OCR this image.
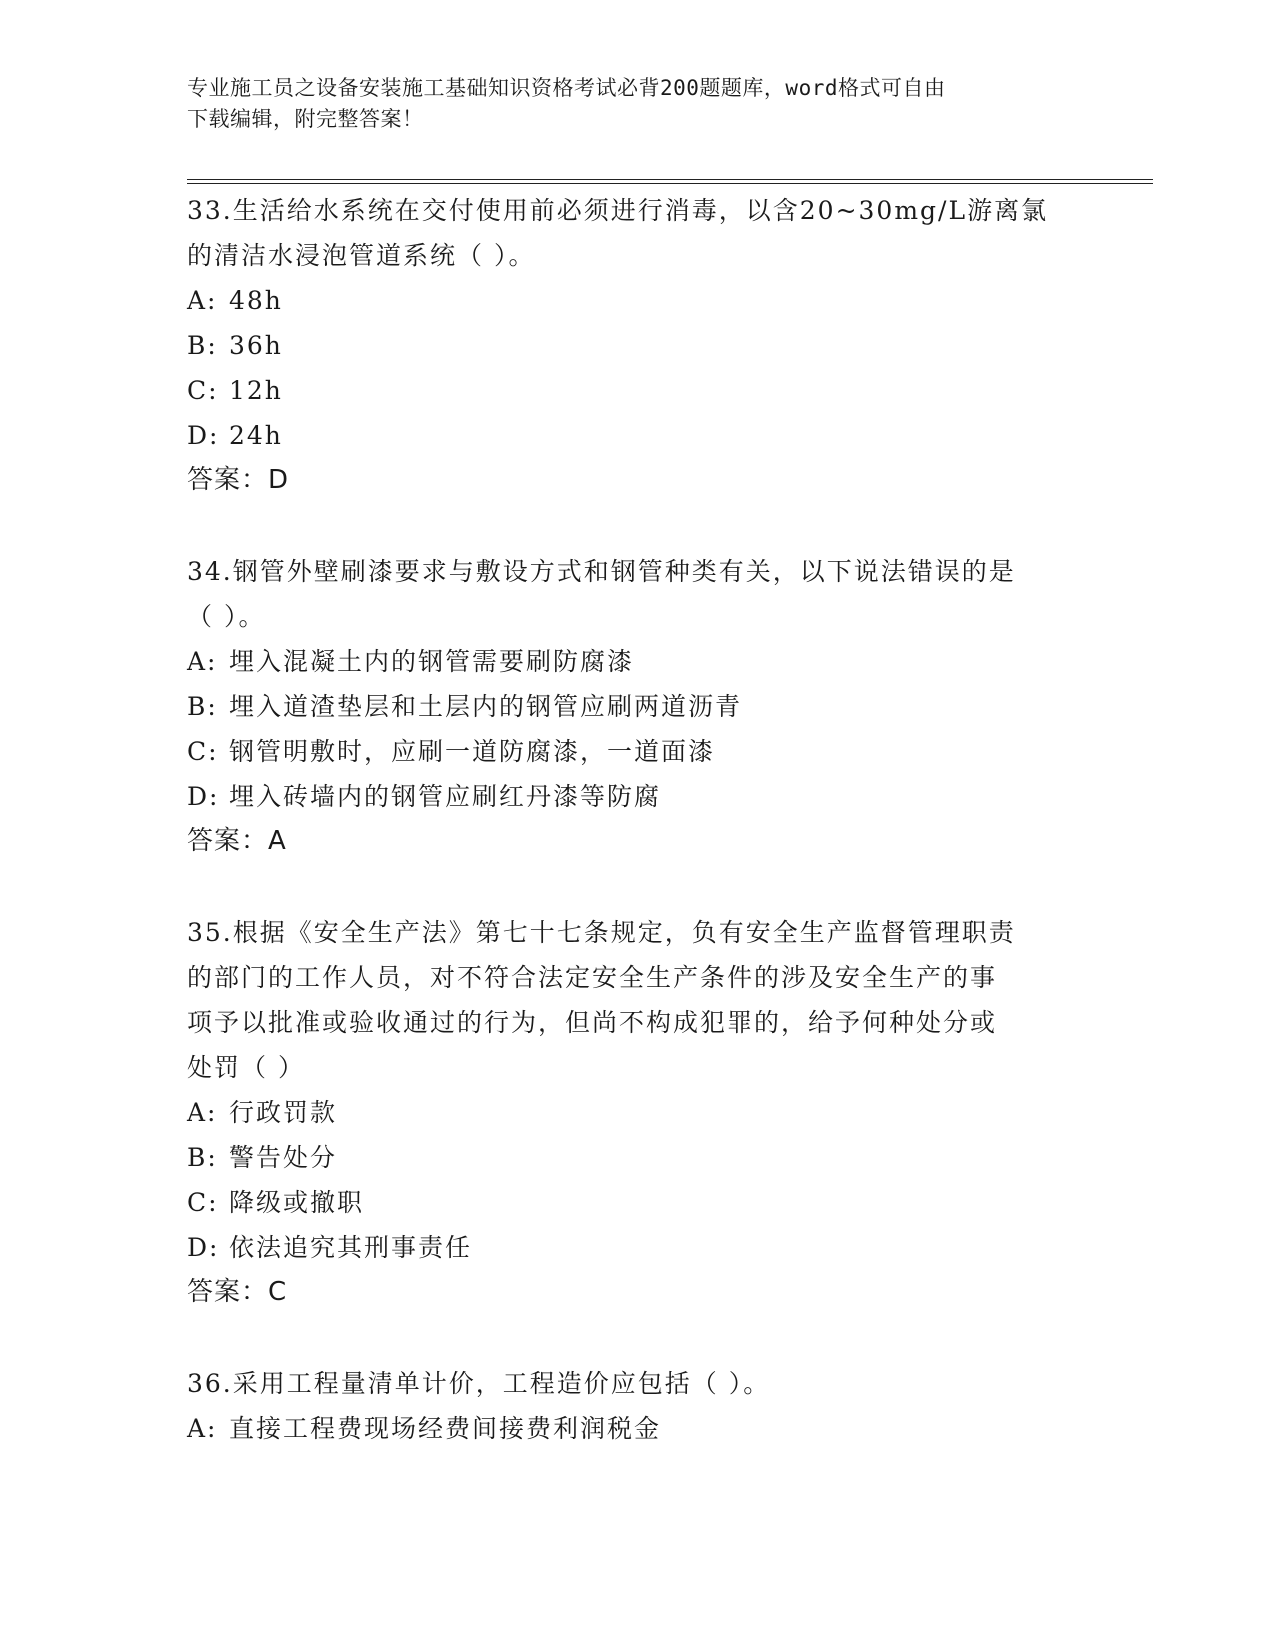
专业施工员之设备安装施工基础知识资格考试必背200题题库，word格式可自由
下载编辑，附完整答案！
33.生活给水系统在交付使用前必须进行消毒，以含20~30mg/L游离氯
的清洁水浸泡管道系统（ ）。
A: 48h
B: 36h
C: 12h
D: 24h
答案：D
34.钢管外壁刷漆要求与敷设方式和钢管种类有关，以下说法错误的是
（ ）。
A: 埋入混凝土内的钢管需要刷防腐漆
B: 埋入道渣垫层和土层内的钢管应刷两道沥青
C: 钢管明敷时，应刷一道防腐漆，一道面漆
D: 埋入砖墙内的钢管应刷红丹漆等防腐
答案：A
35.根据《安全生产法》第七十七条规定，负有安全生产监督管理职责
的部门的工作人员，对不符合法定安全生产条件的涉及安全生产的事
项予以批准或验收通过的行为，但尚不构成犯罪的，给予何种处分或
处罚（ ）
A: 行政罚款
B: 警告处分
C: 降级或撤职
D: 依法追究其刑事责任
答案：C
36.采用工程量清单计价，工程造价应包括（ ）。
A: 直接工程费现场经费间接费利润税金
